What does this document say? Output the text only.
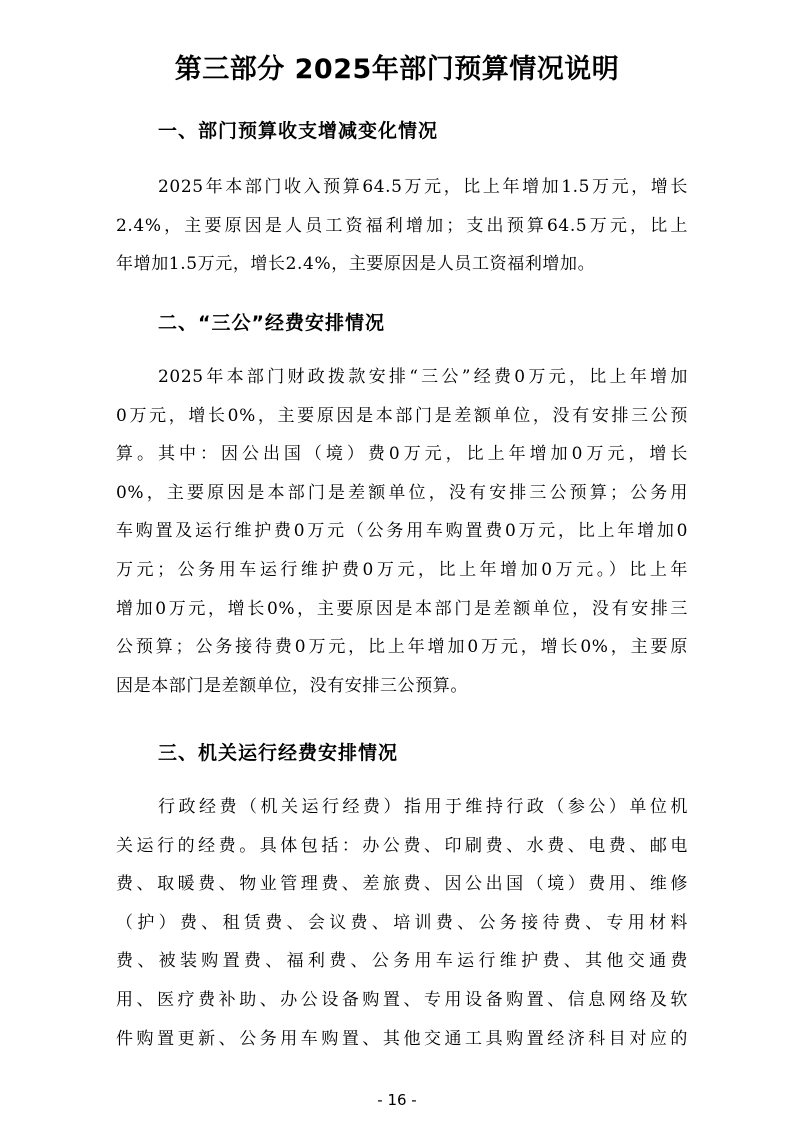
第三部分 2025年部门预算情况说明
一、部门预算收支增减变化情况

2025年本部门收入预算64.5万元，比上年增加1.5万元，增长
2.4%，主要原因是人员工资福利增加；支出预算64.5万元，比上
年增加1.5万元，增长2.4%，主要原因是人员工资福利增加。

二、“三公”经费安排情况

2025年本部门财政拨款安排“三公”经费0万元，比上年增加
0万元，增长0%，主要原因是本部门是差额单位，没有安排三公预
算。其中：因公出国（境）费0万元，比上年增加0万元，增长
0%，主要原因是本部门是差额单位，没有安排三公预算；公务用
车购置及运行维护费0万元（公务用车购置费0万元，比上年增加0
万元；公务用车运行维护费0万元，比上年增加0万元。）比上年
增加0万元，增长0%，主要原因是本部门是差额单位，没有安排三
公预算；公务接待费0万元，比上年增加0万元，增长0%，主要原
因是本部门是差额单位，没有安排三公预算。

三、机关运行经费安排情况

行政经费（机关运行经费）指用于维持行政（参公）单位机
关运行的经费。具体包括：办公费、印刷费、水费、电费、邮电
费、取暖费、物业管理费、差旅费、因公出国（境）费用、维修
（护）费、租赁费、会议费、培训费、公务接待费、专用材料
费、被装购置费、福利费、公务用车运行维护费、其他交通费
用、医疗费补助、办公设备购置、专用设备购置、信息网络及软
件购置更新、公务用车购置、其他交通工具购置经济科目对应的

- 16 -
